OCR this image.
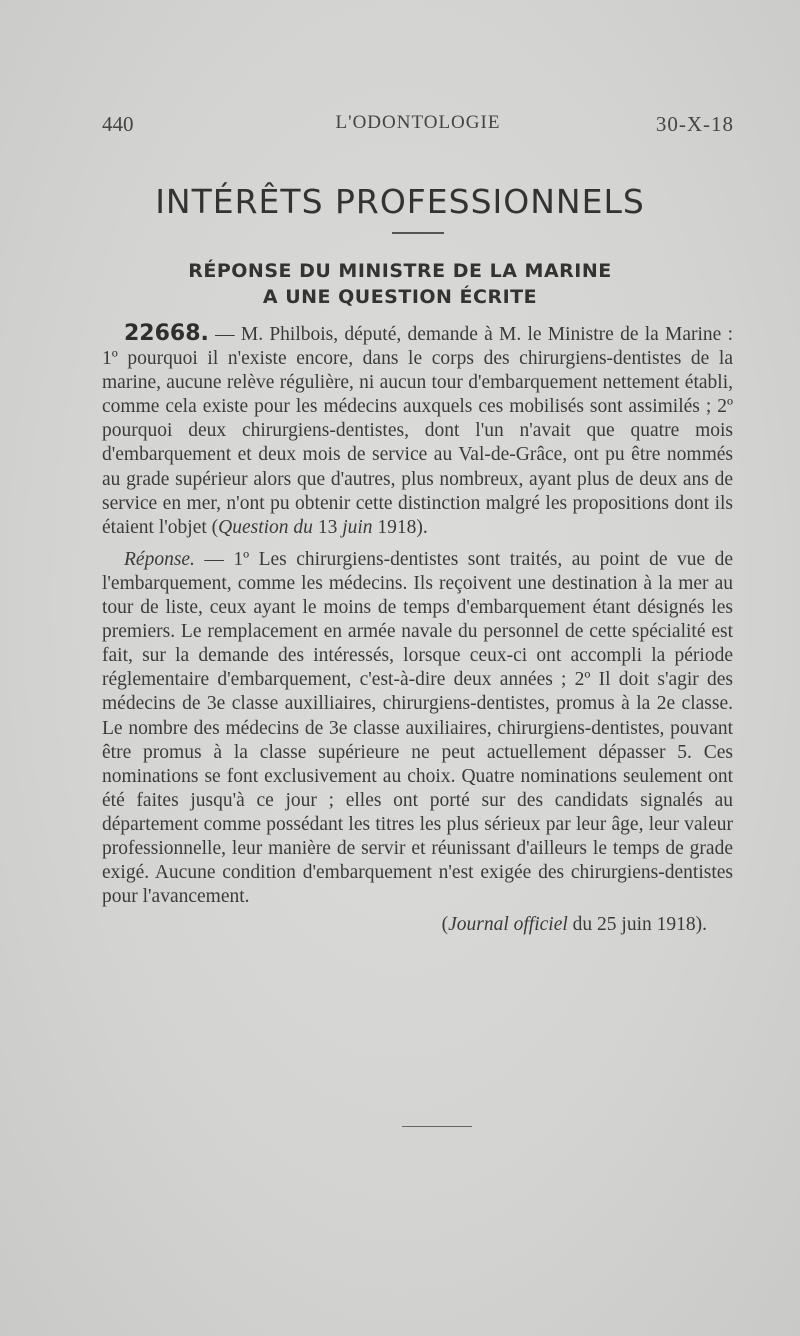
440	L'ODONTOLOGIE	30-X-18
INTÉRÊTS PROFESSIONNELS
RÉPONSE DU MINISTRE DE LA MARINE
A UNE QUESTION ÉCRITE

22668. — M. Philbois, député, demande à M. le Ministre de la Marine : 1º pourquoi il n'existe encore, dans le corps des chirurgiens-dentistes de la marine, aucune relève régulière, ni aucun tour d'embarquement nettement établi, comme cela existe pour les médecins auxquels ces mobilisés sont assimilés ; 2º pourquoi deux chirurgiens-dentistes, dont l'un n'avait que quatre mois d'embarquement et deux mois de service au Val-de-Grâce, ont pu être nommés au grade supérieur alors que d'autres, plus nombreux, ayant plus de deux ans de service en mer, n'ont pu obtenir cette distinction malgré les propositions dont ils étaient l'objet (Question du 13 juin 1918).

Réponse. — 1º Les chirurgiens-dentistes sont traités, au point de vue de l'embarquement, comme les médecins. Ils reçoivent une destination à la mer au tour de liste, ceux ayant le moins de temps d'embarquement étant désignés les premiers. Le remplacement en armée navale du personnel de cette spécialité est fait, sur la demande des intéressés, lorsque ceux-ci ont accompli la période réglementaire d'embarquement, c'est-à-dire deux années ; 2º Il doit s'agir des médecins de 3e classe auxilliaires, chirurgiens-dentistes, promus à la 2e classe. Le nombre des médecins de 3e classe auxiliaires, chirurgiens-dentistes, pouvant être promus à la classe supérieure ne peut actuellement dépasser 5. Ces nominations se font exclusivement au choix. Quatre nominations seulement ont été faites jusqu'à ce jour ; elles ont porté sur des candidats signalés au département comme possédant les titres les plus sérieux par leur âge, leur valeur professionnelle, leur manière de servir et réunissant d'ailleurs le temps de grade exigé. Aucune condition d'embarquement n'est exigée des chirurgiens-dentistes pour l'avancement.

(Journal officiel du 25 juin 1918).
